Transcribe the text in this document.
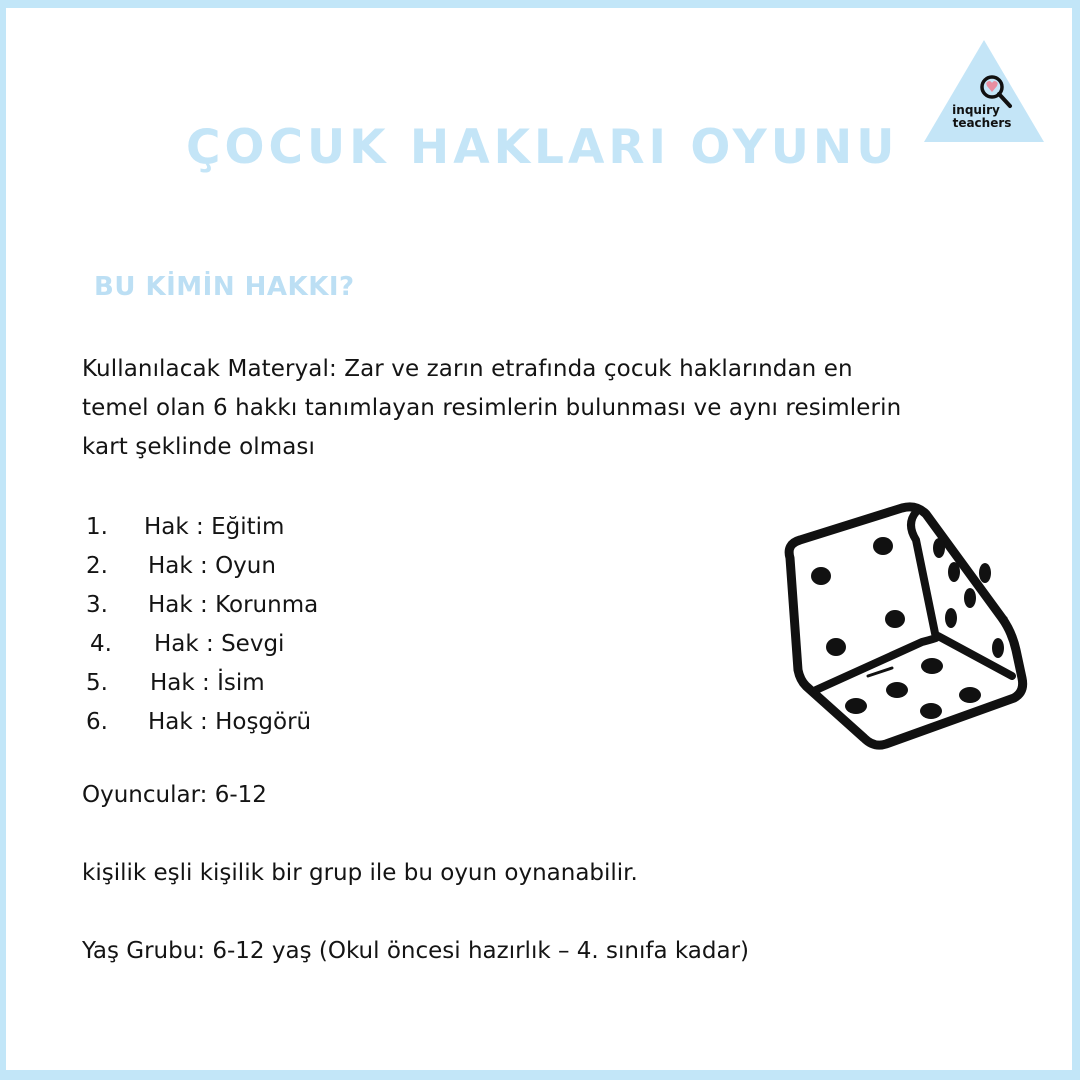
inquiry
teachers
ÇOCUK HAKLARI OYUNU
BU KİMİN HAKKI?
Kullanılacak Materyal: Zar ve zarın etrafında çocuk haklarından en
temel olan 6 hakkı tanımlayan resimlerin bulunması ve aynı resimlerin
kart şeklinde olması
1. Hak : Eğitim
2. Hak : Oyun
3. Hak : Korunma
4. Hak : Sevgi
5. Hak : İsim
6. Hak : Hoşgörü
Oyuncular: 6-12
kişilik eşli kişilik bir grup ile bu oyun oynanabilir.
Yaş Grubu: 6-12 yaş (Okul öncesi hazırlık – 4. sınıfa kadar)
